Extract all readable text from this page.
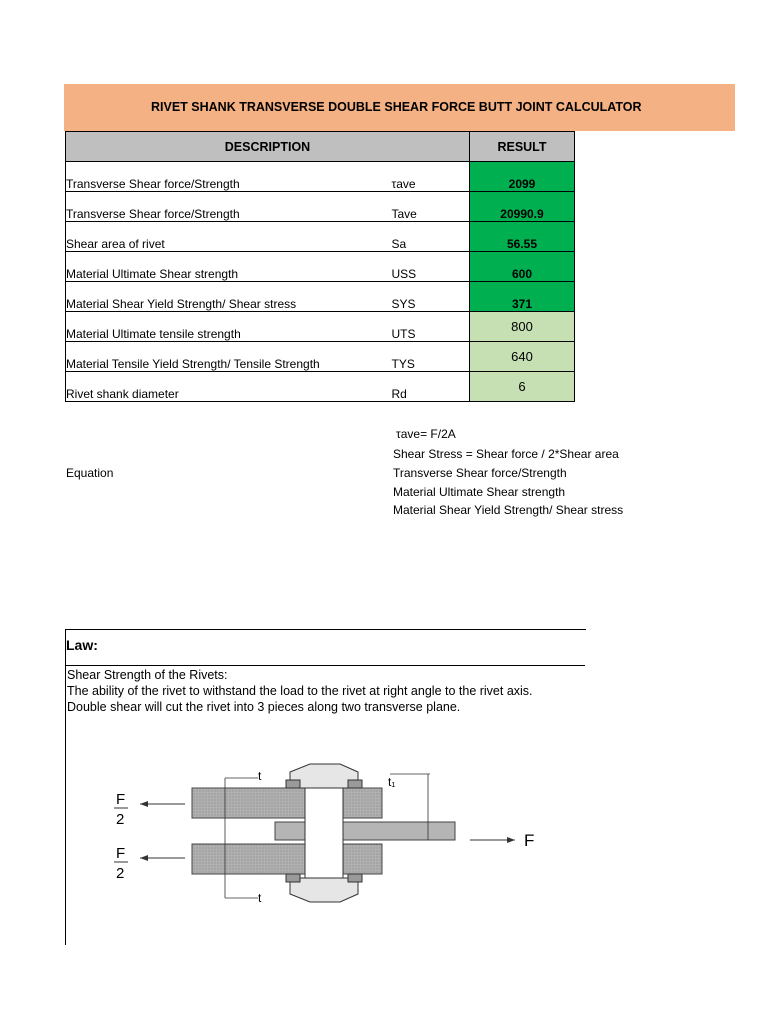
RIVET SHANK TRANSVERSE DOUBLE SHEAR FORCE BUTT JOINT CALCULATOR
DESCRIPTION		RESULT
Transverse Shear force/Strength	τave	2099
Transverse Shear force/Strength	Tave	20990.9
Shear area of rivet	Sa	56.55
Material Ultimate Shear strength	USS	600
Material Shear Yield Strength/ Shear stress	SYS	371
Material Ultimate tensile strength	UTS	800
Material Tensile Yield Strength/ Tensile Strength	TYS	640
Rivet shank diameter	Rd	6
τave= F/2A
Shear Stress = Shear force / 2*Shear area
Equation	Transverse Shear force/Strength
Material Ultimate Shear strength
Material Shear Yield Strength/ Shear stress
Law:
Shear Strength of the Rivets:
The ability of the rivet to withstand the load to the rivet at right angle to the rivet axis.
Double shear will cut the rivet into 3 pieces along two transverse plane.
F
2
F
2
F
t
t
t₁
